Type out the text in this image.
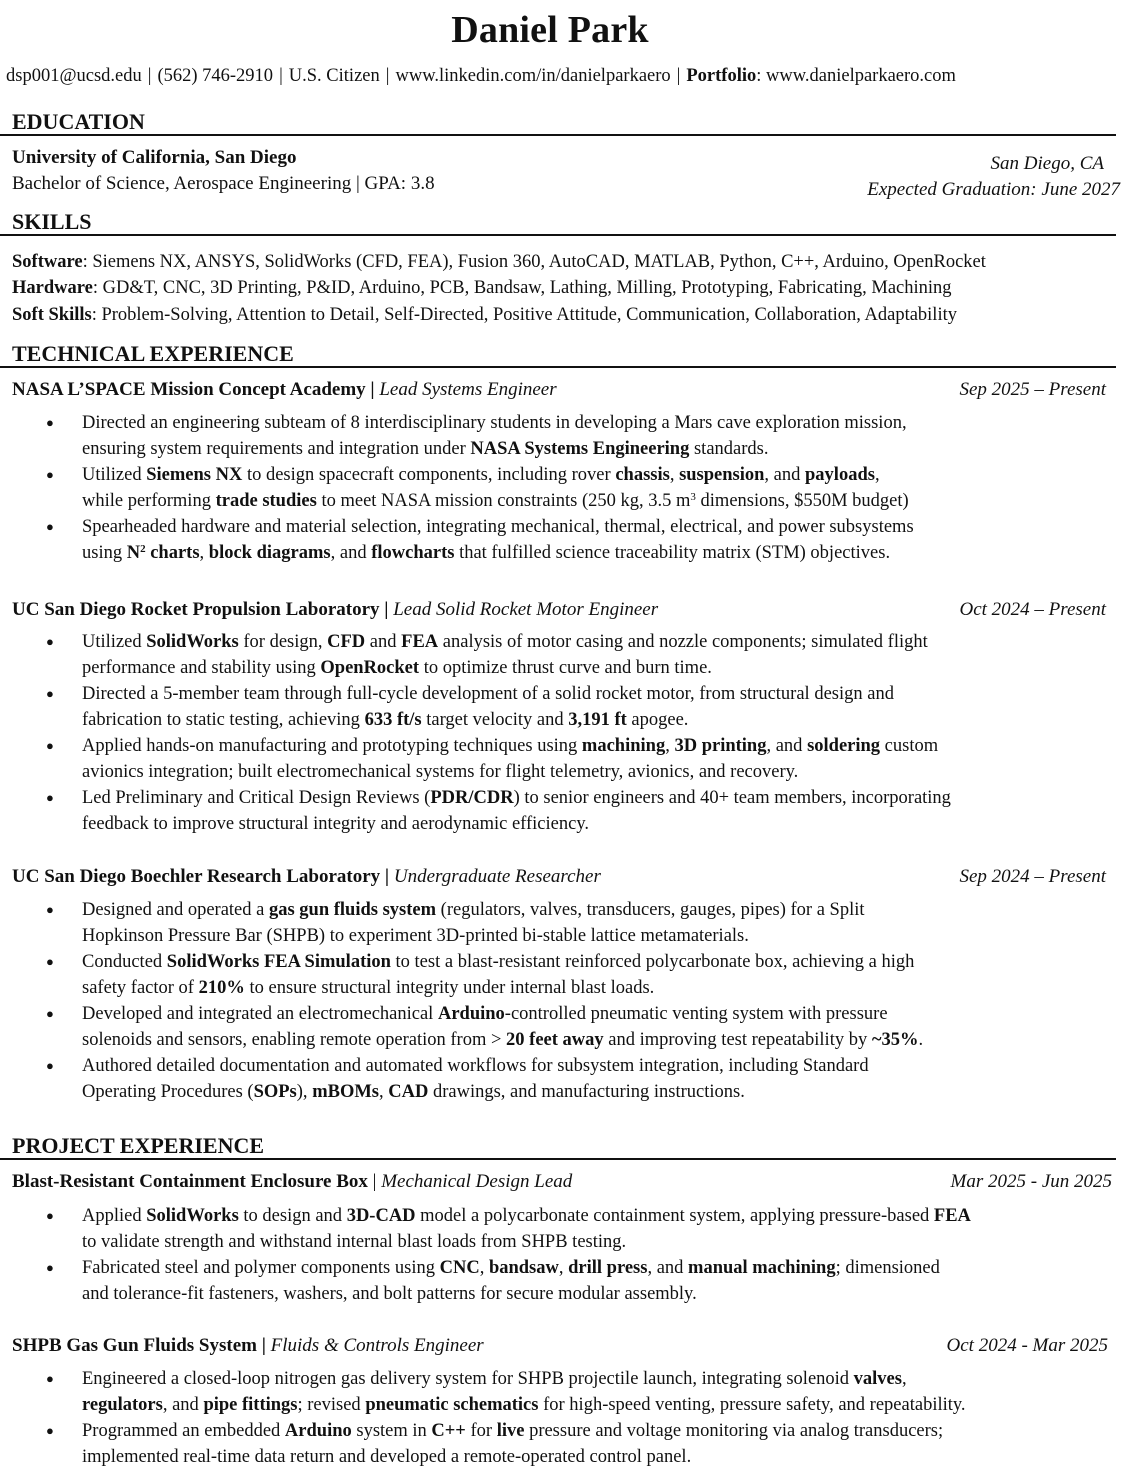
Daniel Park
dsp001@ucsd.edu | (562) 746-2910 | U.S. Citizen | www.linkedin.com/in/danielparkaero | Portfolio: www.danielparkaero.com
EDUCATION
University of California, San Diego	San Diego, CA
Bachelor of Science, Aerospace Engineering | GPA: 3.8	Expected Graduation: June 2027
SKILLS
Software: Siemens NX, ANSYS, SolidWorks (CFD, FEA), Fusion 360, AutoCAD, MATLAB, Python, C++, Arduino, OpenRocket
Hardware: GD&T, CNC, 3D Printing, P&ID, Arduino, PCB, Bandsaw, Lathing, Milling, Prototyping, Fabricating, Machining
Soft Skills: Problem-Solving, Attention to Detail, Self-Directed, Positive Attitude, Communication, Collaboration, Adaptability
TECHNICAL EXPERIENCE
NASA L’SPACE Mission Concept Academy | Lead Systems Engineer	Sep 2025 – Present
● Directed an engineering subteam of 8 interdisciplinary students in developing a Mars cave exploration mission,
ensuring system requirements and integration under NASA Systems Engineering standards.
● Utilized Siemens NX to design spacecraft components, including rover chassis, suspension, and payloads,
while performing trade studies to meet NASA mission constraints (250 kg, 3.5 $m^3$ dimensions, $550M budget)
● Spearheaded hardware and material selection, integrating mechanical, thermal, electrical, and power subsystems
using $N^2$ charts, block diagrams, and flowcharts that fulfilled science traceability matrix (STM) objectives.
UC San Diego Rocket Propulsion Laboratory | Lead Solid Rocket Motor Engineer	Oct 2024 – Present
● Utilized SolidWorks for design, CFD and FEA analysis of motor casing and nozzle components; simulated flight
performance and stability using OpenRocket to optimize thrust curve and burn time.
● Directed a 5-member team through full-cycle development of a solid rocket motor, from structural design and
fabrication to static testing, achieving 633 ft/s target velocity and 3,191 ft apogee.
● Applied hands-on manufacturing and prototyping techniques using machining, 3D printing, and soldering custom
avionics integration; built electromechanical systems for flight telemetry, avionics, and recovery.
● Led Preliminary and Critical Design Reviews (PDR/CDR) to senior engineers and 40+ team members, incorporating
feedback to improve structural integrity and aerodynamic efficiency.
UC San Diego Boechler Research Laboratory | Undergraduate Researcher	Sep 2024 – Present
● Designed and operated a gas gun fluids system (regulators, valves, transducers, gauges, pipes) for a Split
Hopkinson Pressure Bar (SHPB) to experiment 3D-printed bi-stable lattice metamaterials.
● Conducted SolidWorks FEA Simulation to test a blast-resistant reinforced polycarbonate box, achieving a high
safety factor of 210% to ensure structural integrity under internal blast loads.
● Developed and integrated an electromechanical Arduino-controlled pneumatic venting system with pressure
solenoids and sensors, enabling remote operation from > 20 feet away and improving test repeatability by ~35%.
● Authored detailed documentation and automated workflows for subsystem integration, including Standard
Operating Procedures (SOPs), mBOMs, CAD drawings, and manufacturing instructions.
PROJECT EXPERIENCE
Blast-Resistant Containment Enclosure Box | Mechanical Design Lead	Mar 2025 - Jun 2025
● Applied SolidWorks to design and 3D-CAD model a polycarbonate containment system, applying pressure-based FEA
to validate strength and withstand internal blast loads from SHPB testing.
● Fabricated steel and polymer components using CNC, bandsaw, drill press, and manual machining; dimensioned
and tolerance-fit fasteners, washers, and bolt patterns for secure modular assembly.
SHPB Gas Gun Fluids System | Fluids & Controls Engineer	Oct 2024 - Mar 2025
● Engineered a closed-loop nitrogen gas delivery system for SHPB projectile launch, integrating solenoid valves,
regulators, and pipe fittings; revised pneumatic schematics for high-speed venting, pressure safety, and repeatability.
● Programmed an embedded Arduino system in C++ for live pressure and voltage monitoring via analog transducers;
implemented real-time data return and developed a remote-operated control panel.
